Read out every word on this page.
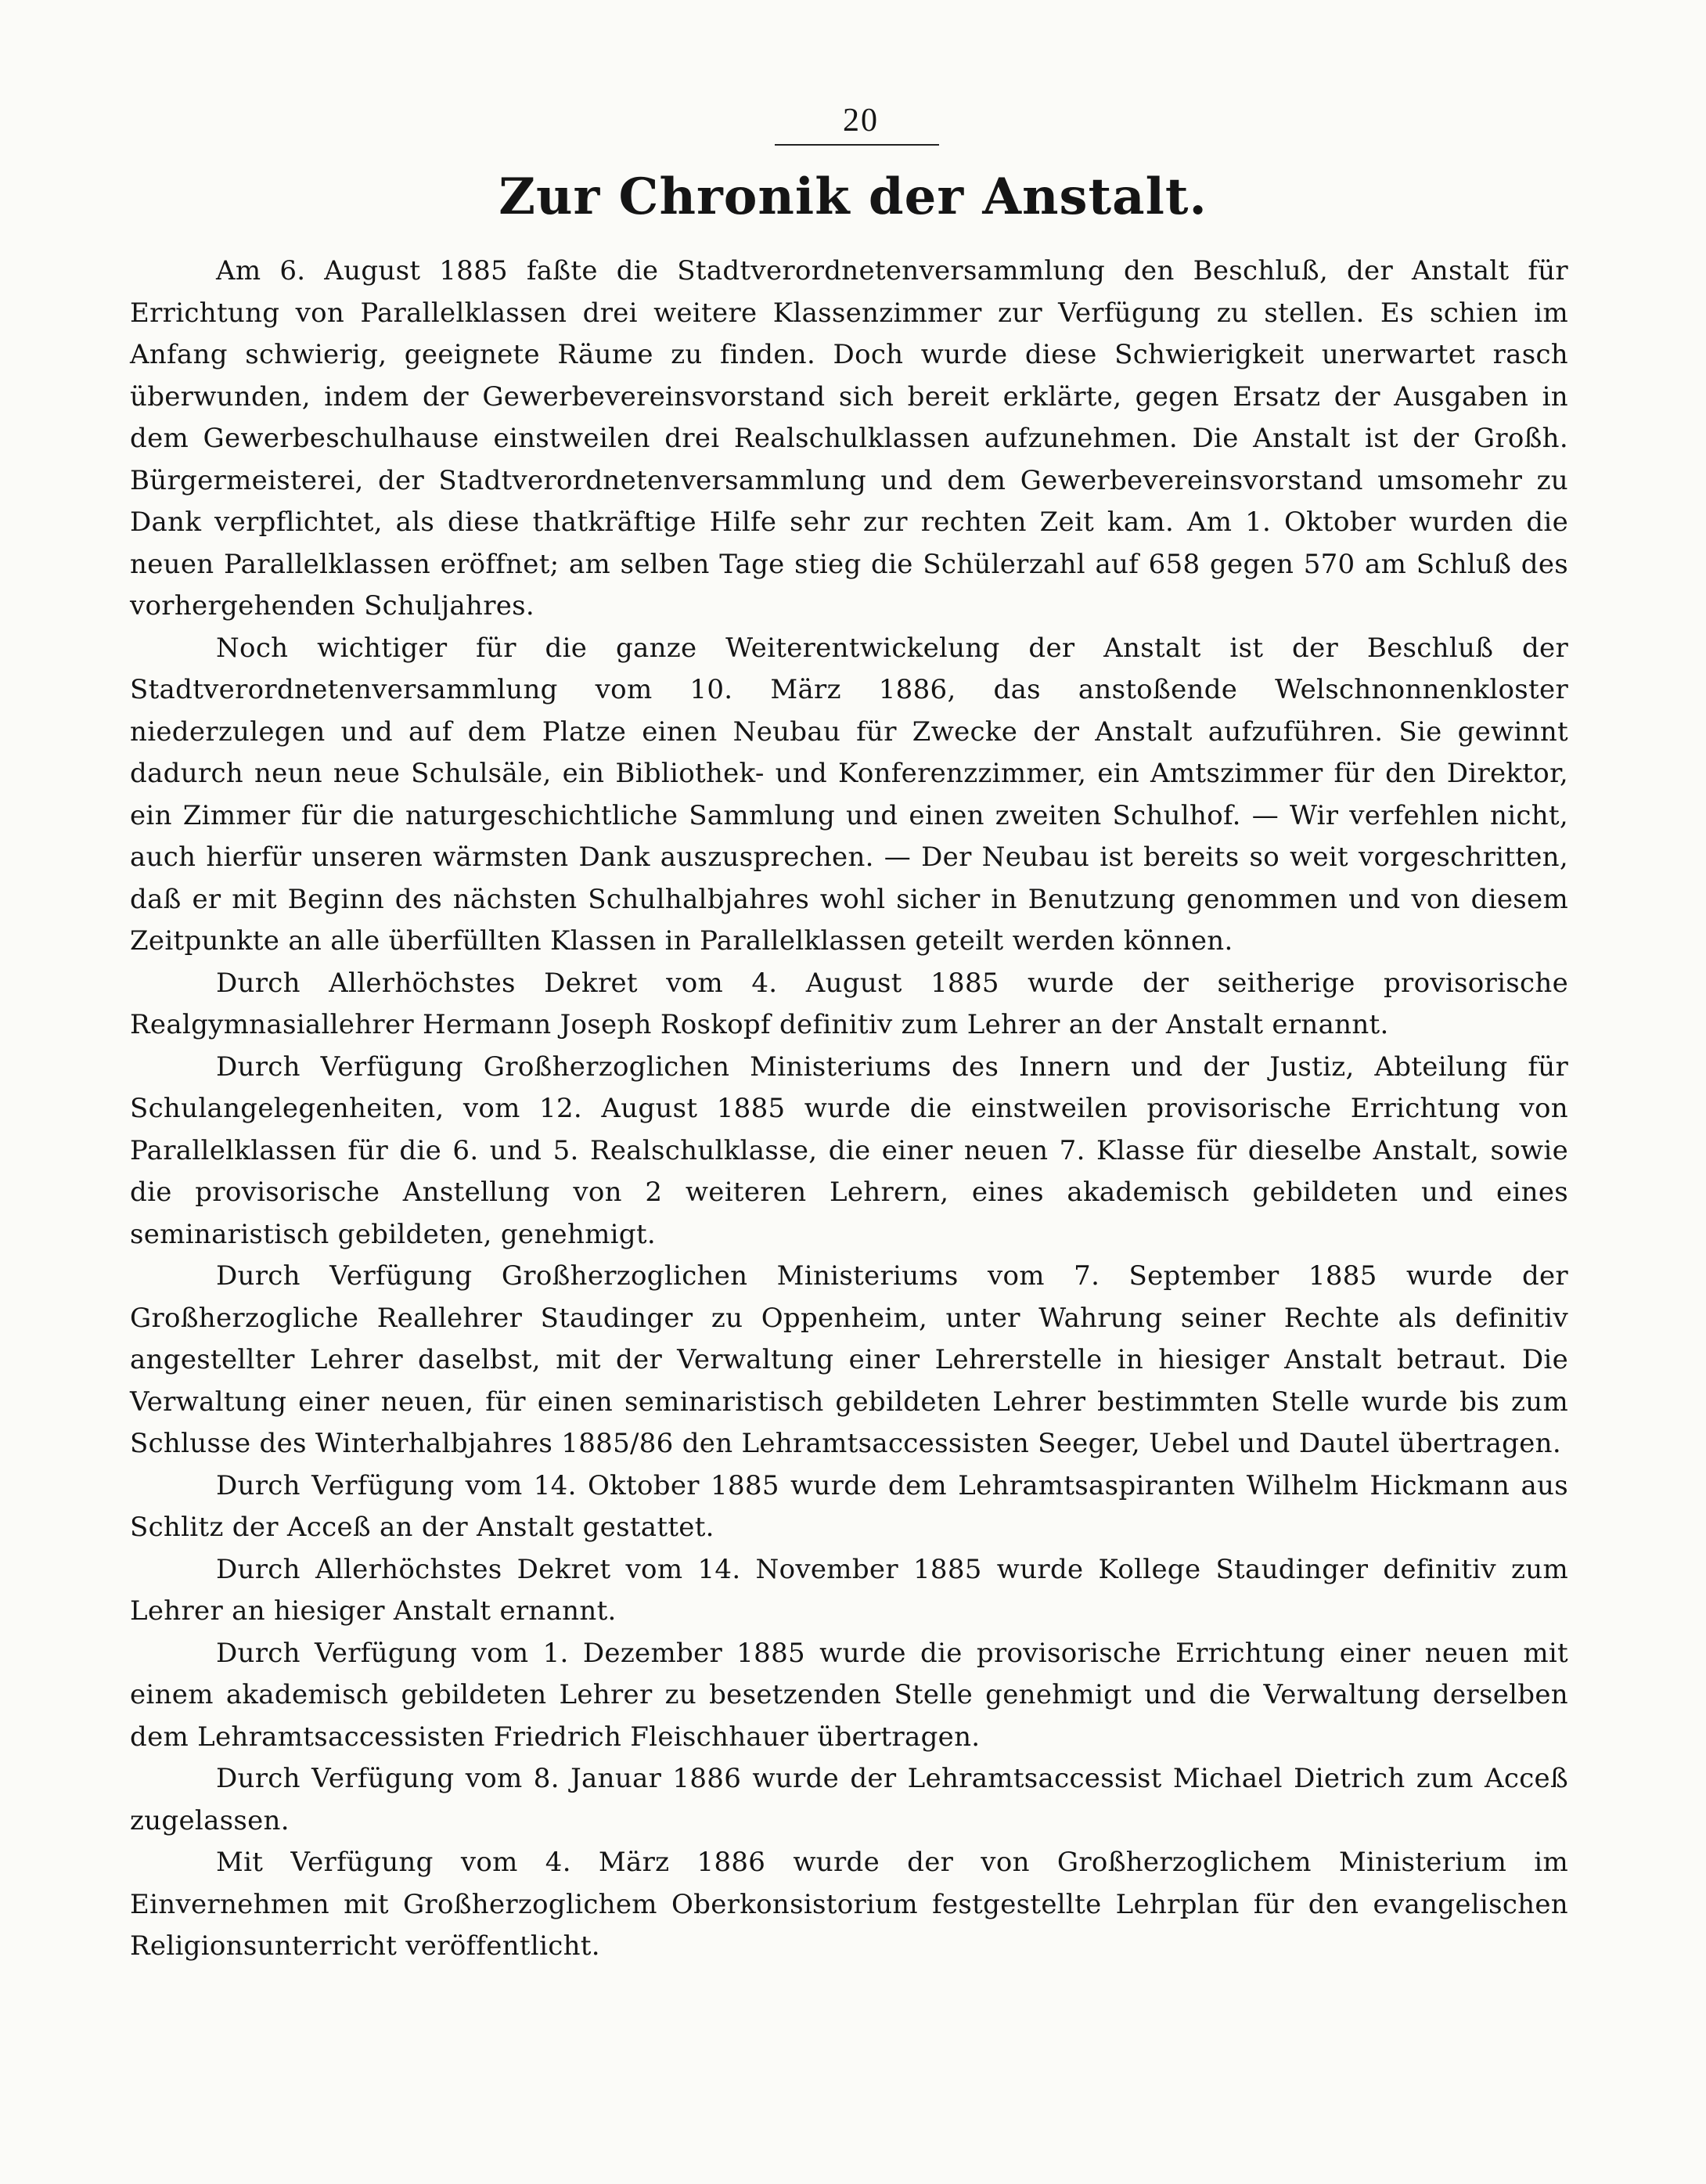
20
Zur Chronik der Anstalt.

Am 6. August 1885 faßte die Stadtverordnetenversammlung den Beschluß, der Anstalt für Errichtung von Parallelklassen drei weitere Klassenzimmer zur Verfügung zu stellen. Es schien im Anfang schwierig, geeignete Räume zu finden. Doch wurde diese Schwierigkeit unerwartet rasch überwunden, indem der Gewerbevereinsvorstand sich bereit erklärte, gegen Ersatz der Ausgaben in dem Gewerbeschulhause einstweilen drei Realschulklassen aufzunehmen. Die Anstalt ist der Großh. Bürgermeisterei, der Stadtverordnetenversammlung und dem Gewerbevereinsvorstand umsomehr zu Dank verpflichtet, als diese thatkräftige Hilfe sehr zur rechten Zeit kam. Am 1. Oktober wurden die neuen Parallelklassen eröffnet; am selben Tage stieg die Schülerzahl auf 658 gegen 570 am Schluß des vorhergehenden Schuljahres.

Noch wichtiger für die ganze Weiterentwickelung der Anstalt ist der Beschluß der Stadtverordnetenversammlung vom 10. März 1886, das anstoßende Welschnonnenkloster niederzulegen und auf dem Platze einen Neubau für Zwecke der Anstalt aufzuführen. Sie gewinnt dadurch neun neue Schulsäle, ein Bibliothek- und Konferenzzimmer, ein Amtszimmer für den Direktor, ein Zimmer für die naturgeschichtliche Sammlung und einen zweiten Schulhof. — Wir verfehlen nicht, auch hierfür unseren wärmsten Dank auszusprechen. — Der Neubau ist bereits so weit vorgeschritten, daß er mit Beginn des nächsten Schulhalbjahres wohl sicher in Benutzung genommen und von diesem Zeitpunkte an alle überfüllten Klassen in Parallelklassen geteilt werden können.

Durch Allerhöchstes Dekret vom 4. August 1885 wurde der seitherige provisorische Realgymnasiallehrer Hermann Joseph Roskopf definitiv zum Lehrer an der Anstalt ernannt.

Durch Verfügung Großherzoglichen Ministeriums des Innern und der Justiz, Abteilung für Schulangelegenheiten, vom 12. August 1885 wurde die einstweilen provisorische Errichtung von Parallelklassen für die 6. und 5. Realschulklasse, die einer neuen 7. Klasse für dieselbe Anstalt, sowie die provisorische Anstellung von 2 weiteren Lehrern, eines akademisch gebildeten und eines seminaristisch gebildeten, genehmigt.

Durch Verfügung Großherzoglichen Ministeriums vom 7. September 1885 wurde der Großherzogliche Reallehrer Staudinger zu Oppenheim, unter Wahrung seiner Rechte als definitiv angestellter Lehrer daselbst, mit der Verwaltung einer Lehrerstelle in hiesiger Anstalt betraut. Die Verwaltung einer neuen, für einen seminaristisch gebildeten Lehrer bestimmten Stelle wurde bis zum Schlusse des Winterhalbjahres 1885/86 den Lehramtsaccessisten Seeger, Uebel und Dautel übertragen.

Durch Verfügung vom 14. Oktober 1885 wurde dem Lehramtsaspiranten Wilhelm Hickmann aus Schlitz der Acceß an der Anstalt gestattet.

Durch Allerhöchstes Dekret vom 14. November 1885 wurde Kollege Staudinger definitiv zum Lehrer an hiesiger Anstalt ernannt.

Durch Verfügung vom 1. Dezember 1885 wurde die provisorische Errichtung einer neuen mit einem akademisch gebildeten Lehrer zu besetzenden Stelle genehmigt und die Verwaltung derselben dem Lehramtsaccessisten Friedrich Fleischhauer übertragen.

Durch Verfügung vom 8. Januar 1886 wurde der Lehramtsaccessist Michael Dietrich zum Acceß zugelassen.

Mit Verfügung vom 4. März 1886 wurde der von Großherzoglichem Ministerium im Einvernehmen mit Großherzoglichem Oberkonsistorium festgestellte Lehrplan für den evangelischen Religionsunterricht veröffentlicht.
